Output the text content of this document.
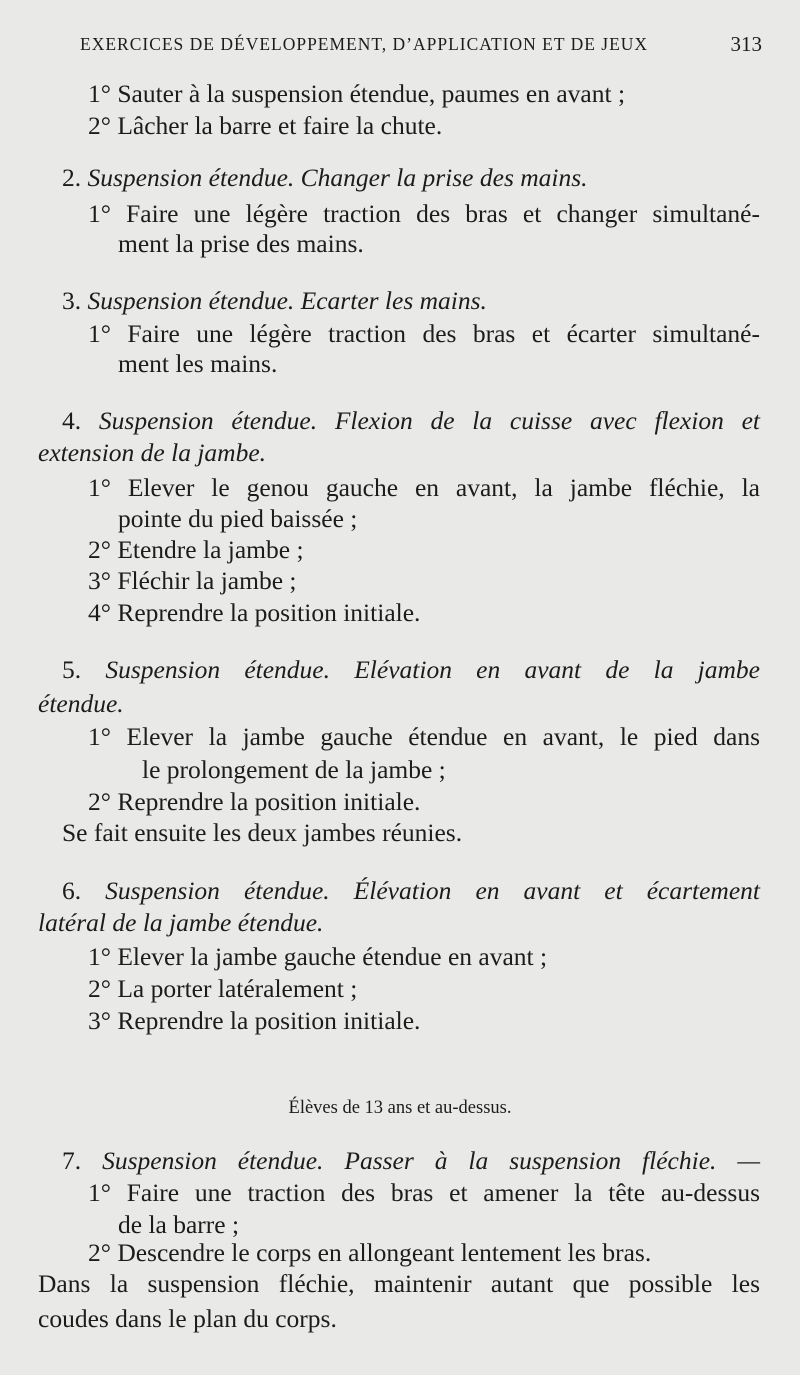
EXERCICES DE DÉVELOPPEMENT, D’APPLICATION ET DE JEUX	313
1° Sauter à la suspension étendue, paumes en avant ;
2° Lâcher la barre et faire la chute.
2. Suspension étendue. Changer la prise des mains.
1° Faire une légère traction des bras et changer simultané-
ment la prise des mains.
3. Suspension étendue. Ecarter les mains.
1° Faire une légère traction des bras et écarter simultané-
ment les mains.
4. Suspension étendue. Flexion de la cuisse avec flexion et
extension de la jambe.
1° Elever le genou gauche en avant, la jambe fléchie, la
pointe du pied baissée ;
2° Etendre la jambe ;
3° Fléchir la jambe ;
4° Reprendre la position initiale.
5. Suspension étendue. Elévation en avant de la jambe
étendue.
1° Elever la jambe gauche étendue en avant, le pied dans
le prolongement de la jambe ;
2° Reprendre la position initiale.
Se fait ensuite les deux jambes réunies.
6. Suspension étendue. Élévation en avant et écartement
latéral de la jambe étendue.
1° Elever la jambe gauche étendue en avant ;
2° La porter latéralement ;
3° Reprendre la position initiale.
Élèves de 13 ans et au-dessus.
7. Suspension étendue. Passer à la suspension fléchie. —
1° Faire une traction des bras et amener la tête au-dessus
de la barre ;
2° Descendre le corps en allongeant lentement les bras.
Dans la suspension fléchie, maintenir autant que possible les
coudes dans le plan du corps.
